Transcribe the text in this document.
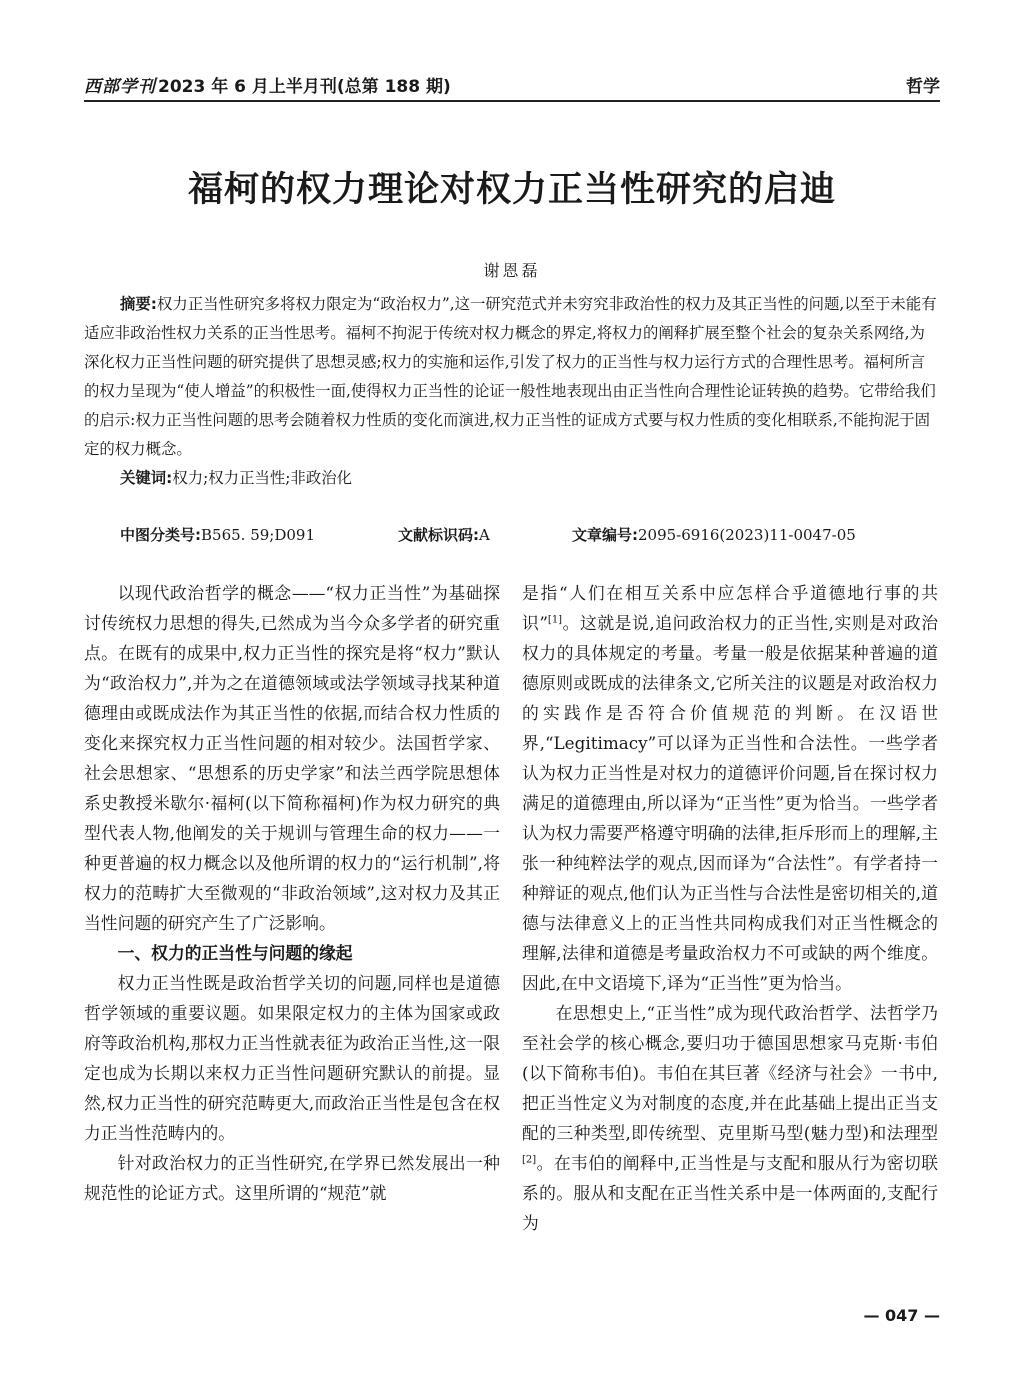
西部学刊 2023 年 6 月上半月刊(总第 188 期)	哲学
福柯的权力理论对权力正当性研究的启迪
谢恩磊

摘要:权力正当性研究多将权力限定为“政治权力”,这一研究范式并未穷究非政治性的权力及其正当性的问题,以至于未能有适应非政治性权力关系的正当性思考。福柯不拘泥于传统对权力概念的界定,将权力的阐释扩展至整个社会的复杂关系网络,为深化权力正当性问题的研究提供了思想灵感;权力的实施和运作,引发了权力的正当性与权力运行方式的合理性思考。福柯所言的权力呈现为“使人增益”的积极性一面,使得权力正当性的论证一般性地表现出由正当性向合理性论证转换的趋势。它带给我们的启示:权力正当性问题的思考会随着权力性质的变化而演进,权力正当性的证成方式要与权力性质的变化相联系,不能拘泥于固定的权力概念。

关键词:权力;权力正当性;非政治化

中图分类号:B565. 59;D091	文献标识码:A	文章编号:2095-6916(2023)11-0047-05

以现代政治哲学的概念——“权力正当性”为基础探讨传统权力思想的得失,已然成为当今众多学者的研究重点。在既有的成果中,权力正当性的探究是将“权力”默认为“政治权力”,并为之在道德领域或法学领域寻找某种道德理由或既成法作为其正当性的依据,而结合权力性质的变化来探究权力正当性问题的相对较少。法国哲学家、社会思想家、“思想系的历史学家”和法兰西学院思想体系史教授米歇尔·福柯(以下简称福柯)作为权力研究的典型代表人物,他阐发的关于规训与管理生命的权力——一种更普遍的权力概念以及他所谓的权力的“运行机制”,将权力的范畴扩大至微观的“非政治领域”,这对权力及其正当性问题的研究产生了广泛影响。

一、权力的正当性与问题的缘起

权力正当性既是政治哲学关切的问题,同样也是道德哲学领域的重要议题。如果限定权力的主体为国家或政府等政治机构,那权力正当性就表征为政治正当性,这一限定也成为长期以来权力正当性问题研究默认的前提。显然,权力正当性的研究范畴更大,而政治正当性是包含在权力正当性范畴内的。

针对政治权力的正当性研究,在学界已然发展出一种规范性的论证方式。这里所谓的“规范”就

是指“人们在相互关系中应怎样合乎道德地行事的共识”[1]。这就是说,追问政治权力的正当性,实则是对政治权力的具体规定的考量。考量一般是依据某种普遍的道德原则或既成的法律条文,它所关注的议题是对政治权力的实践作是否符合价值规范的判断。在汉语世界,“Legitimacy”可以译为正当性和合法性。一些学者认为权力正当性是对权力的道德评价问题,旨在探讨权力满足的道德理由,所以译为“正当性”更为恰当。一些学者认为权力需要严格遵守明确的法律,拒斥形而上的理解,主张一种纯粹法学的观点,因而译为“合法性”。有学者持一种辩证的观点,他们认为正当性与合法性是密切相关的,道德与法律意义上的正当性共同构成我们对正当性概念的理解,法律和道德是考量政治权力不可或缺的两个维度。因此,在中文语境下,译为“正当性”更为恰当。

在思想史上,“正当性”成为现代政治哲学、法哲学乃至社会学的核心概念,要归功于德国思想家马克斯·韦伯(以下简称韦伯)。韦伯在其巨著《经济与社会》一书中,把正当性定义为对制度的态度,并在此基础上提出正当支配的三种类型,即传统型、克里斯马型(魅力型)和法理型[2]。在韦伯的阐释中,正当性是与支配和服从行为密切联系的。服从和支配在正当性关系中是一体两面的,支配行为

— 047 —
